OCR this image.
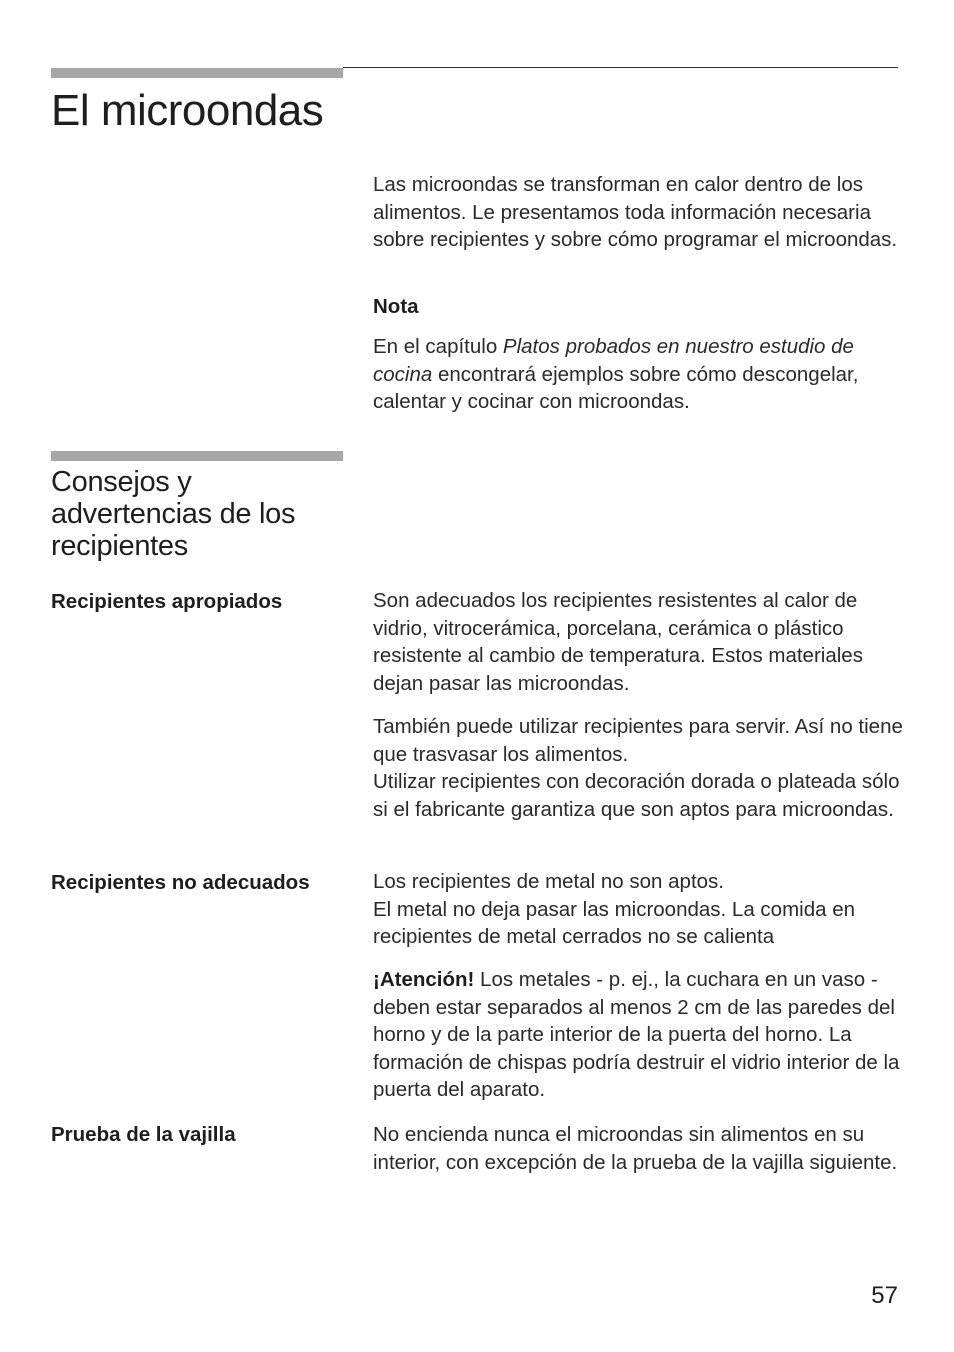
El microondas

Las microondas se transforman en calor dentro de los alimentos. Le presentamos toda información necesaria sobre recipientes y sobre cómo programar el microondas.

Nota

En el capítulo Platos probados en nuestro estudio de cocina encontrará ejemplos sobre cómo descongelar, calentar y cocinar con microondas.

Consejos y advertencias de los recipientes
Recipientes apropiados	Son adecuados los recipientes resistentes al calor de vidrio, vitrocerámica, porcelana, cerámica o plástico resistente al cambio de temperatura. Estos materiales dejan pasar las microondas.

También puede utilizar recipientes para servir. Así no tiene que trasvasar los alimentos.
Utilizar recipientes con decoración dorada o plateada sólo si el fabricante garantiza que son aptos para microondas.

Recipientes no adecuados	Los recipientes de metal no son aptos.
El metal no deja pasar las microondas. La comida en recipientes de metal cerrados no se calienta

¡Atención! Los metales - p. ej., la cuchara en un vaso - deben estar separados al menos 2 cm de las paredes del horno y de la parte interior de la puerta del horno. La formación de chispas podría destruir el vidrio interior de la puerta del aparato.

Prueba de la vajilla	No encienda nunca el microondas sin alimentos en su interior, con excepción de la prueba de la vajilla siguiente.

57
